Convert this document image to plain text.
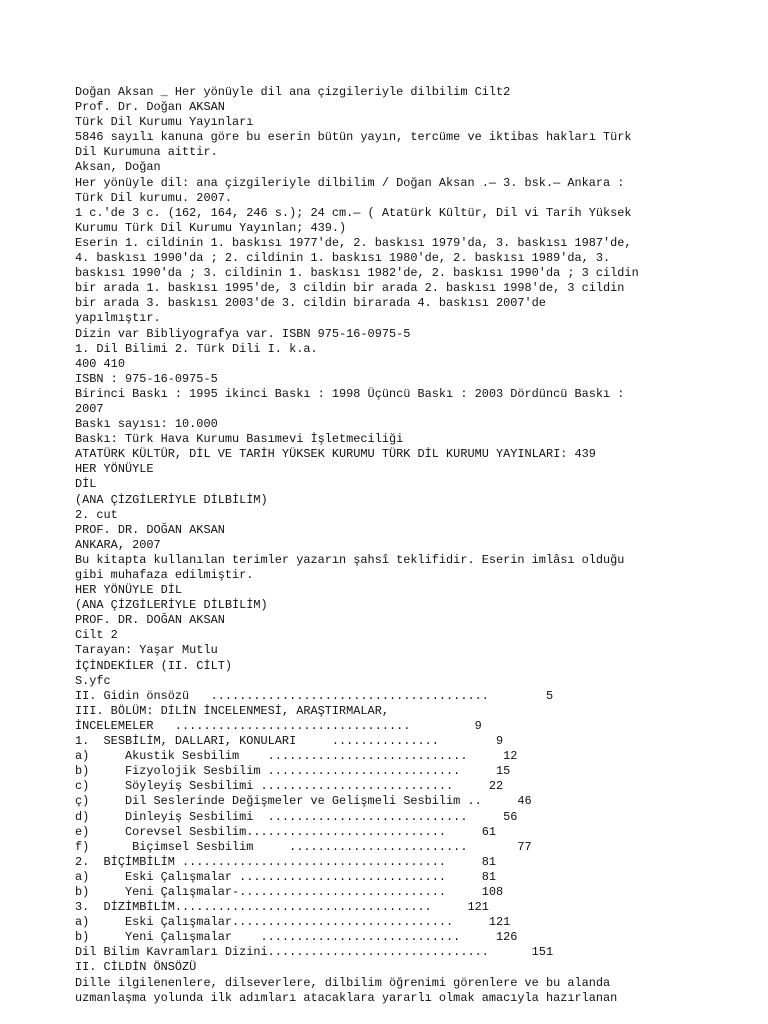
Doğan Aksan _ Her yönüyle dil ana çizgileriyle dilbilim Cilt2
Prof. Dr. Doğan AKSAN
Türk Dil Kurumu Yayınları
5846 sayılı kanuna göre bu eserin bütün yayın, tercüme ve iktibas hakları Türk
Dil Kurumuna aittir.
Aksan, Doğan
Her yönüyle dil: ana çizgileriyle dilbilim / Doğan Aksan .— 3. bsk.— Ankara :
Türk Dil kurumu. 2007.
1 c.'de 3 c. (162, 164, 246 s.); 24 cm.— ( Atatürk Kültür, Dil vi Tarih Yüksek
Kurumu Türk Dil Kurumu Yayınlan; 439.)
Eserin 1. cildinin 1. baskısı 1977'de, 2. baskısı 1979'da, 3. baskısı 1987'de,
4. baskısı 1990'da ; 2. cildinin 1. baskısı 1980'de, 2. baskısı 1989'da, 3.
baskısı 1990'da ; 3. cildinin 1. baskısı 1982'de, 2. baskısı 1990'da ; 3 cildin
bir arada 1. baskısı 1995'de, 3 cildin bir arada 2. baskısı 1998'de, 3 cildin
bir arada 3. baskısı 2003'de 3. cildin birarada 4. baskısı 2007'de
yapılmıştır.
Dizin var Bibliyografya var. ISBN 975-16-0975-5
1. Dil Bilimi 2. Türk Dili I. k.a.
400 410
ISBN : 975-16-0975-5
Birinci Baskı : 1995 ikinci Baskı : 1998 Üçüncü Baskı : 2003 Dördüncü Baskı :
2007
Baskı sayısı: 10.000
Baskı: Türk Hava Kurumu Basımevi İşletmeciliği
ATATÜRK KÜLTÜR, DİL VE TARİH YÜKSEK KURUMU TÜRK DİL KURUMU YAYINLARI: 439
HER YÖNÜYLE
DİL
(ANA ÇİZGİLERİYLE DİLBİLİM)
2. cut
PROF. DR. DOĞAN AKSAN
ANKARA, 2007
Bu kitapta kullanılan terimler yazarın şahsî teklifidir. Eserin imlâsı olduğu
gibi muhafaza edilmiştir.
HER YÖNÜYLE DİL
(ANA ÇİZGİLERİYLE DİLBİLİM)
PROF. DR. DOĞAN AKSAN
Cilt 2
Tarayan: Yaşar Mutlu
İÇİNDEKİLER (II. CİLT)
S.yfc
II. Gidin önsözü   .......................................        5
III. BÖLÜM: DİLİN İNCELENMESİ, ARAŞTIRMALAR,
İNCELEMELER   .................................         9
1.  SESBİLİM, DALLARI, KONULARI     ...............        9
a)     Akustik Sesbilim    ............................     12
b)     Fizyolojik Sesbilim ...........................     15
c)     Söyleyiş Sesbilimi ...........................     22
ç)     Dil Seslerinde Değişmeler ve Gelişmeli Sesbilim ..     46
d)     Dinleyiş Sesbilimi  ............................     56
e)     Corevsel Sesbilim............................     61
f)      Biçimsel Sesbilim     .........................       77
2.  BİÇİMBİLİM .....................................     81
a)     Eski Çalışmalar .............................     81
b)     Yeni Çalışmalar-.............................     108
3.  DİZİMBİLİM....................................     121
a)     Eski Çalışmalar...............................     121
b)     Yeni Çalışmalar    ............................     126
Dil Bilim Kavramları Dizini...............................      151
II. CİLDİN ÖNSÖZÜ
Dille ilgilenenlere, dilseverlere, dilbilim öğrenimi görenlere ve bu alanda
uzmanlaşma yolunda ilk adımları atacaklara yararlı olmak amacıyla hazırlanan
